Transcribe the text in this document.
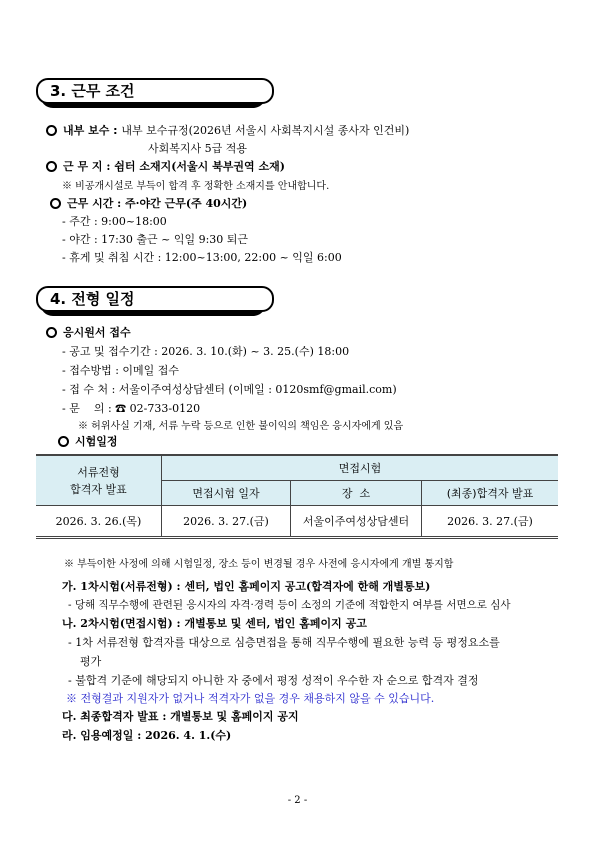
3. 근무 조건
내부 보수 : 내부 보수규정(2026년 서울시 사회복지시설 종사자 인건비)
사회복지사 5급 적용
근 무 지 : 쉼터 소재지(서울시 북부권역 소재)
※ 비공개시설로 부득이 합격 후 정확한 소재지를 안내합니다.
근무 시간 : 주·야간 근무(주 40시간)
- 주간 : 9:00~18:00
- 야간 : 17:30 출근 ~ 익일 9:30 퇴근
- 휴게 및 취침 시간 : 12:00~13:00, 22:00 ~ 익일 6:00
4. 전형 일정
응시원서 접수
- 공고 및 접수기간 : 2026. 3. 10.(화) ~ 3. 25.(수) 18:00
- 접수방법 : 이메일 접수
- 접 수 처 : 서울이주여성상담센터 (이메일 : 0120smf@gmail.com)
- 문    의 : ☎ 02-733-0120
※ 허위사실 기재, 서류 누락 등으로 인한 불이익의 책임은 응시자에게 있음
시험일정
서류전형
합격자 발표	면접시험		
	면접시험 일자	장  소	(최종)합격자 발표
2026. 3. 26.(목)	2026. 3. 27.(금)	서울이주여성상담센터	2026. 3. 27.(금)
※ 부득이한 사정에 의해 시험일정, 장소 등이 변경될 경우 사전에 응시자에게 개별 통지함
가. 1차시험(서류전형) : 센터, 법인 홈페이지 공고(합격자에 한해 개별통보)
- 당해 직무수행에 관련된 응시자의 자격·경력 등이 소정의 기준에 적합한지 여부를 서면으로 심사
나. 2차시험(면접시험) : 개별통보 및 센터, 법인 홈페이지 공고
- 1차 서류전형 합격자를 대상으로 심층면접을 통해 직무수행에 필요한 능력 등 평정요소를
평가
- 불합격 기준에 해당되지 아니한 자 중에서 평정 성적이 우수한 자 순으로 합격자 결정
※ 전형결과 지원자가 없거나 적격자가 없을 경우 채용하지 않을 수 있습니다.
다. 최종합격자 발표 : 개별통보 및 홈페이지 공지
라. 임용예정일 : 2026. 4. 1.(수)
- 2 -
